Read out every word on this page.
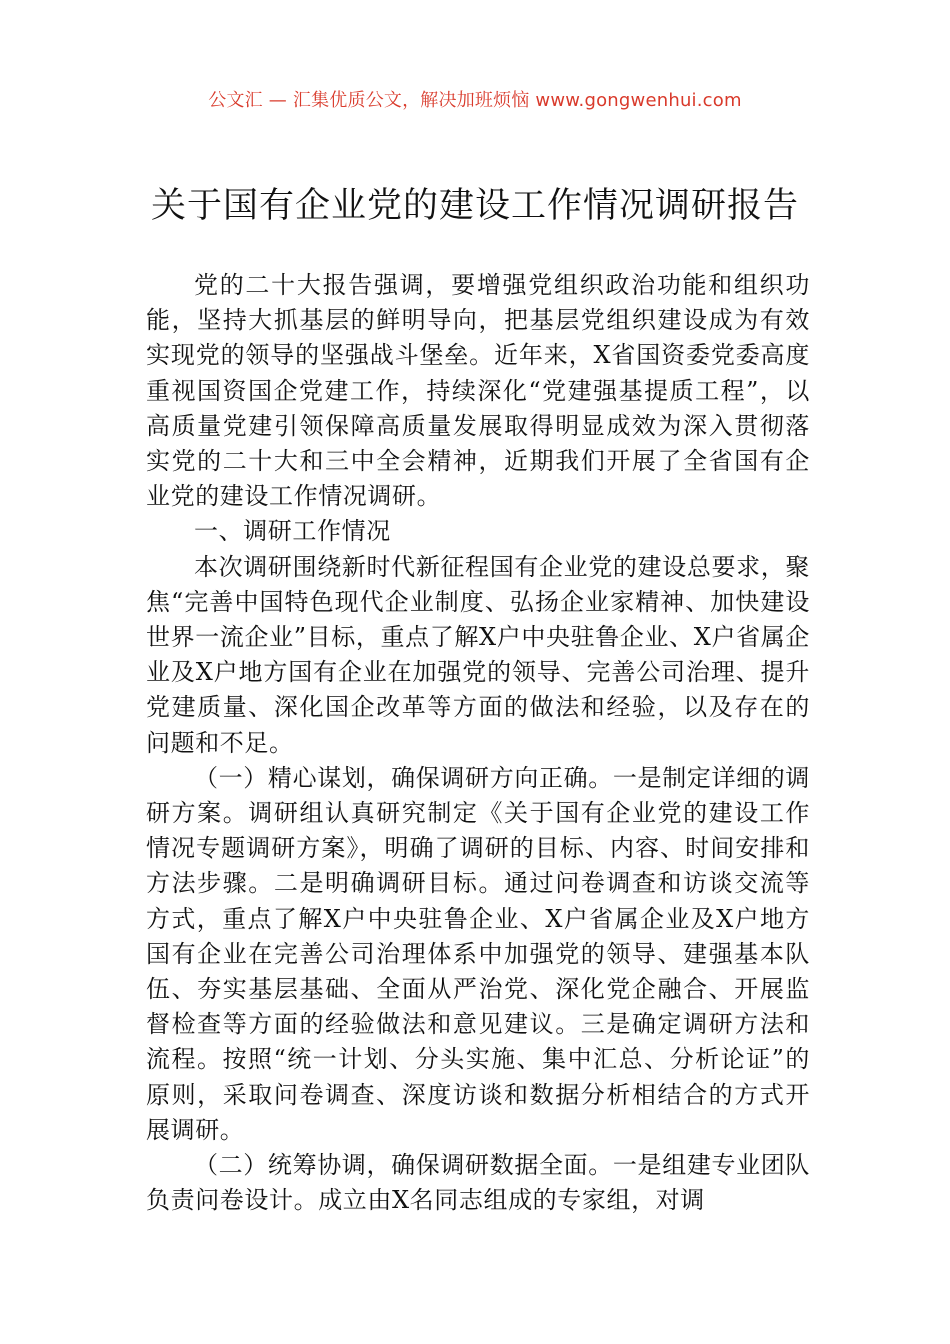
公文汇 — 汇集优质公文，解决加班烦恼 www.gongwenhui.com
关于国有企业党的建设工作情况调研报告

党的二十大报告强调，要增强党组织政治功能和组织功能，坚持大抓基层的鲜明导向，把基层党组织建设成为有效实现党的领导的坚强战斗堡垒。近年来，X省国资委党委高度重视国资国企党建工作，持续深化“党建强基提质工程”，以高质量党建引领保障高质量发展取得明显成效为深入贯彻落实党的二十大和三中全会精神，近期我们开展了全省国有企业党的建设工作情况调研。

一、调研工作情况

本次调研围绕新时代新征程国有企业党的建设总要求，聚焦“完善中国特色现代企业制度、弘扬企业家精神、加快建设世界一流企业”目标，重点了解X户中央驻鲁企业、X户省属企业及X户地方国有企业在加强党的领导、完善公司治理、提升党建质量、深化国企改革等方面的做法和经验，以及存在的问题和不足。

（一）精心谋划，确保调研方向正确。一是制定详细的调研方案。调研组认真研究制定《关于国有企业党的建设工作情况专题调研方案》，明确了调研的目标、内容、时间安排和方法步骤。二是明确调研目标。通过问卷调查和访谈交流等方式，重点了解X户中央驻鲁企业、X户省属企业及X户地方国有企业在完善公司治理体系中加强党的领导、建强基本队伍、夯实基层基础、全面从严治党、深化党企融合、开展监督检查等方面的经验做法和意见建议。三是确定调研方法和流程。按照“统一计划、分头实施、集中汇总、分析论证”的原则，采取问卷调查、深度访谈和数据分析相结合的方式开展调研。

（二）统筹协调，确保调研数据全面。一是组建专业团队负责问卷设计。成立由X名同志组成的专家组，对调
